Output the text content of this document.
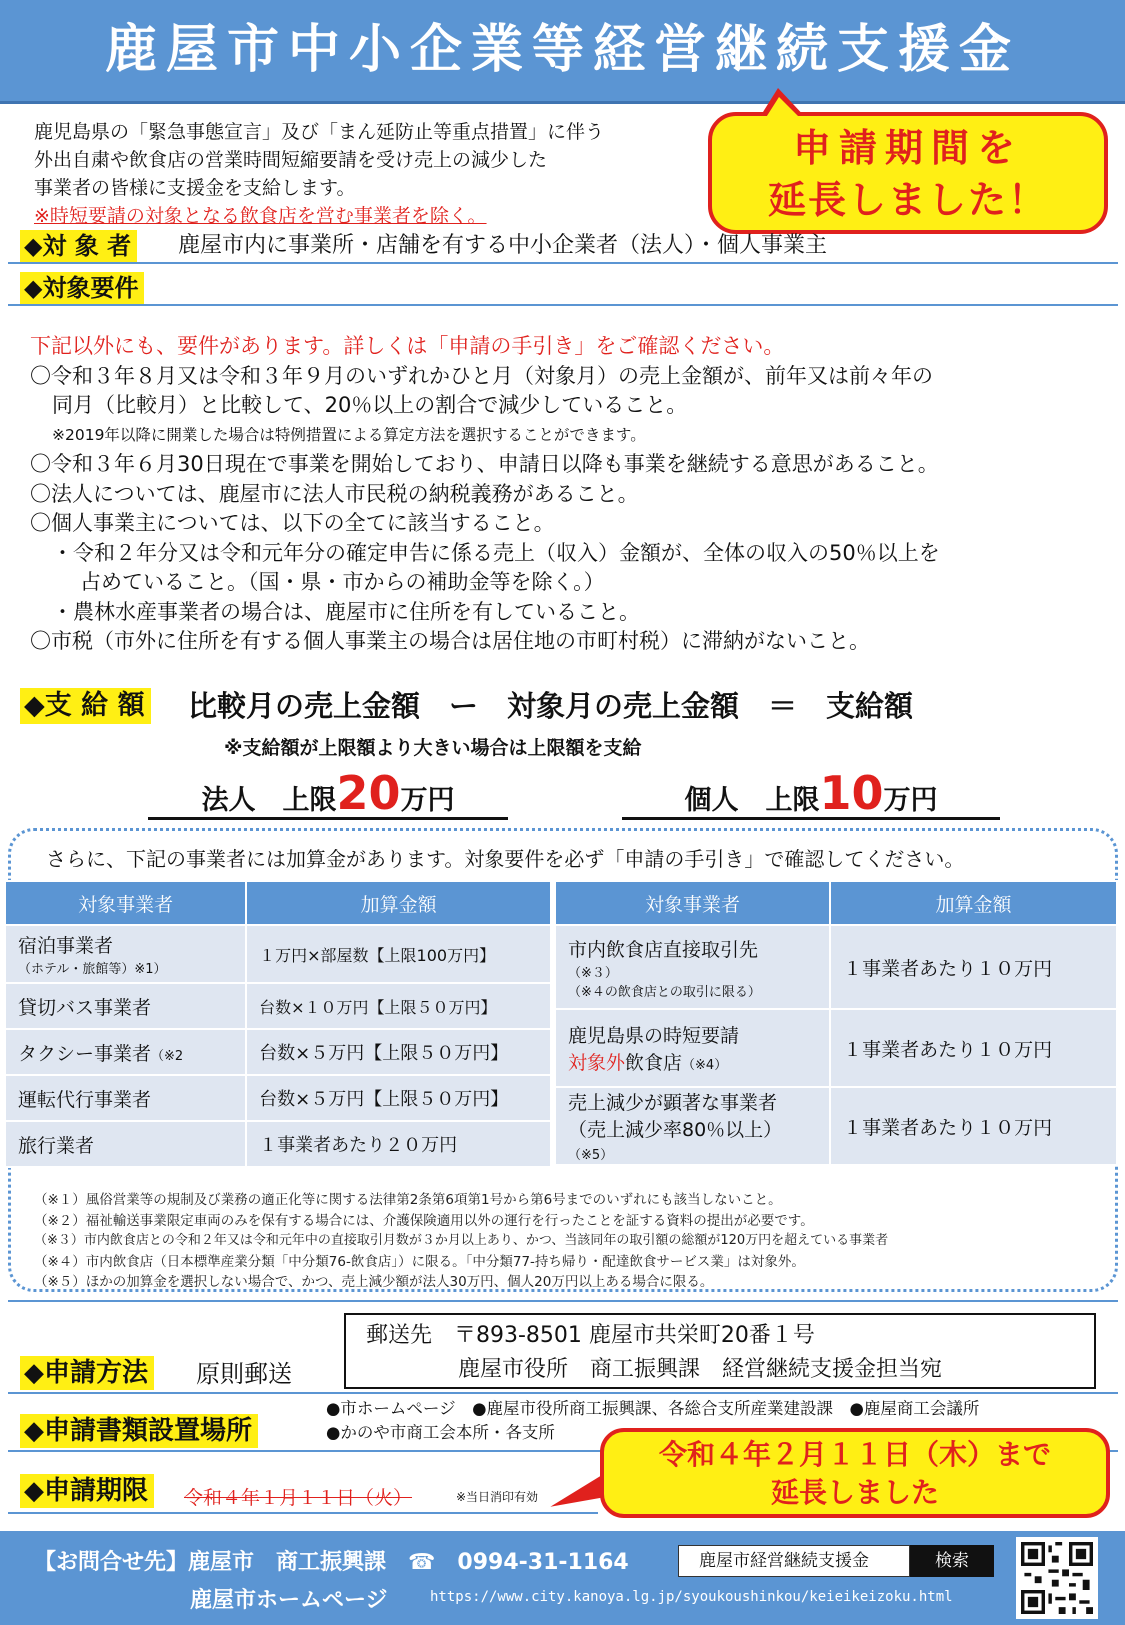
鹿屋市中小企業等経営継続支援金
鹿児島県の「緊急事態宣言」及び「まん延防止等重点措置」に伴う
外出自粛や飲食店の営業時間短縮要請を受け売上の減少した
事業者の皆様に支援金を支給します。
※時短要請の対象となる飲食店を営む事業者を除く。
申請期間を
延長しました！
◆対 象 者 鹿屋市内に事業所・店舗を有する中小企業者（法人）・個人事業主
◆対象要件
下記以外にも、要件があります。詳しくは「申請の手引き」をご確認ください。
〇令和３年８月又は令和３年９月のいずれかひと月（対象月）の売上金額が、前年又は前々年の
同月（比較月）と比較して、20％以上の割合で減少していること。
※2019年以降に開業した場合は特例措置による算定方法を選択することができます。
〇令和３年６月30日現在で事業を開始しており、申請日以降も事業を継続する意思があること。
〇法人については、鹿屋市に法人市民税の納税義務があること。
〇個人事業主については、以下の全てに該当すること。
・令和２年分又は令和元年分の確定申告に係る売上（収入）金額が、全体の収入の50％以上を
占めていること。（国・県・市からの補助金等を除く。）
・農林水産事業者の場合は、鹿屋市に住所を有していること。
〇市税（市外に住所を有する個人事業主の場合は居住地の市町村税）に滞納がないこと。
◆支 給 額 比較月の売上金額　ー　対象月の売上金額　＝　支給額
※支給額が上限額より大きい場合は上限額を支給
法人　上限20万円	個人　上限10万円
さらに、下記の事業者には加算金があります。対象要件を必ず「申請の手引き」で確認してください。
対象事業者	加算金額

宿泊事業者
（ホテル・旅館等）※1）	１万円×部屋数【上限100万円】
貸切バス事業者	台数×１０万円【上限５０万円】
タクシー事業者（※2	台数×５万円【上限５０万円】
運転代行事業者	台数×５万円【上限５０万円】
旅行業者	１事業者あたり２０万円
対象事業者	加算金額

市内飲食店直接取引先
（※３）
（※４の飲食店との取引に限る）	１事業者あたり１０万円

鹿児島県の時短要請
対象外飲食店（※4）	１事業者あたり１０万円

売上減少が顕著な事業者
（売上減少率80％以上）（※5）	１事業者あたり１０万円
（※１）風俗営業等の規制及び業務の適正化等に関する法律第2条第6項第1号から第6号までのいずれにも該当しないこと。
（※２）福祉輸送事業限定車両のみを保有する場合には、介護保険適用以外の運行を行ったことを証する資料の提出が必要です。
（※３）市内飲食店との令和２年又は令和元年中の直接取引月数が３か月以上あり、かつ、当該同年の取引額の総額が120万円を超えている事業者
（※４）市内飲食店（日本標準産業分類「中分類76-飲食店」）に限る。「中分類77-持ち帰り・配達飲食サービス業」は対象外。
（※５）ほかの加算金を選択しない場合で、かつ、売上減少額が法人30万円、個人20万円以上ある場合に限る。
◆申請方法 原則郵送
郵送先　〒893-8501 鹿屋市共栄町20番１号
鹿屋市役所　商工振興課　経営継続支援金担当宛
◆申請書類設置場所
●市ホームページ　●鹿屋市役所商工振興課、各総合支所産業建設課　●鹿屋商工会議所
●かのや市商工会本所・各支所
◆申請期限	令和４年１月１１日（火）	※当日消印有効
令和４年２月１１日（木）まで
延長しました
【お問合せ先】鹿屋市　商工振興課　☎　0994-31-1164
鹿屋市ホームページ	https://www.city.kanoya.lg.jp/syoukoushinkou/keieikeizoku.html
鹿屋市経営継続支援金	検索
